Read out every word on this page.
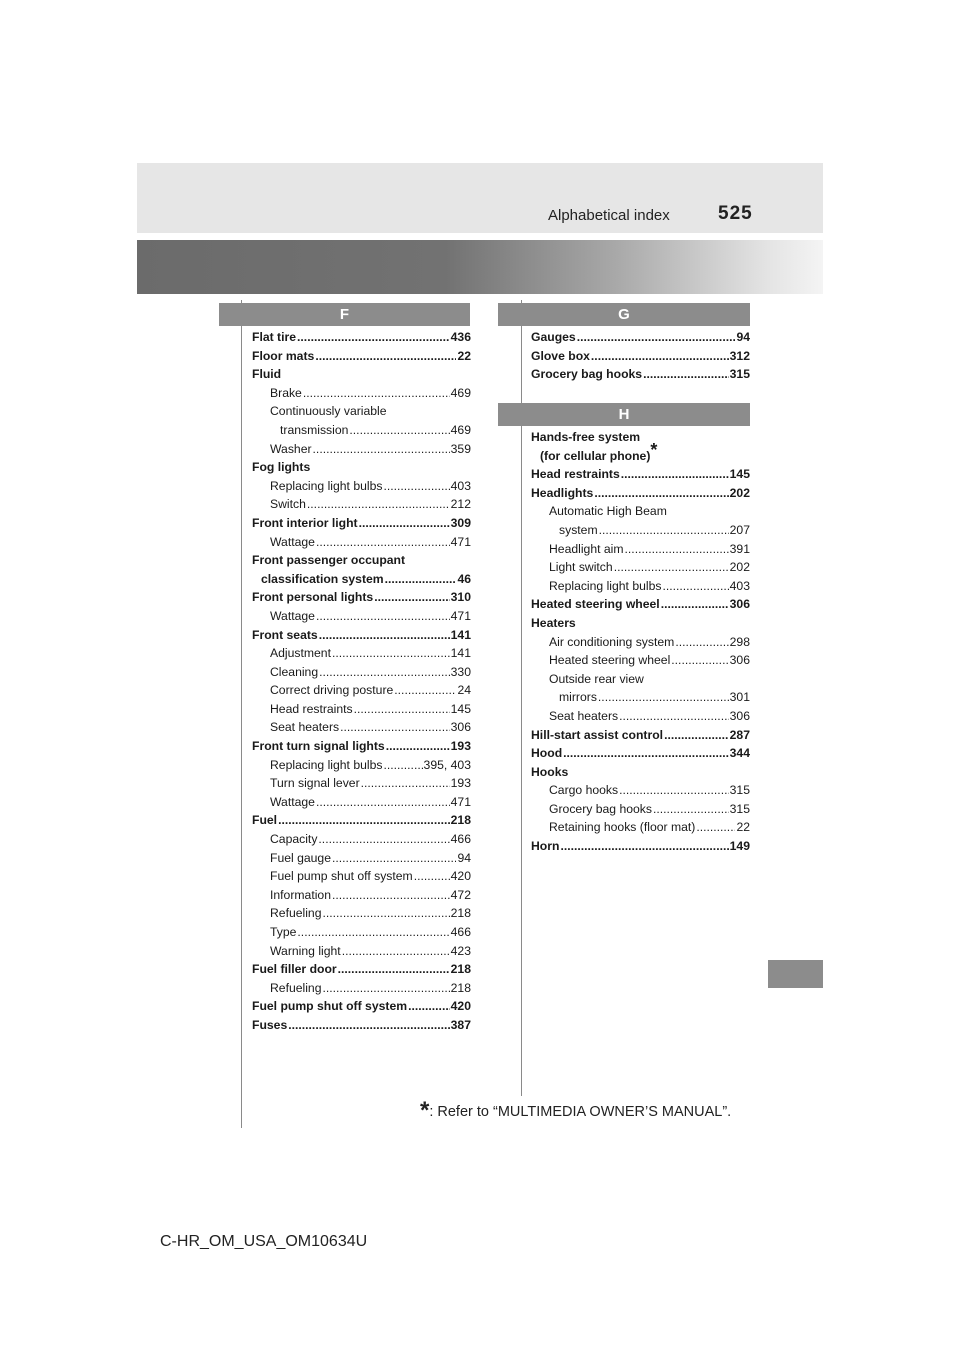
Alphabetical index	525
F
Flat tire .....	436
Floor mats .....	22
Fluid
Brake .....	469
Continuously variable
transmission .....	469
Washer .....	359
Fog lights
Replacing light bulbs .....	403
Switch .....	212
Front interior light .....	309
Wattage .....	471
Front passenger occupant
classification system .....	46
Front personal lights .....	310
Wattage .....	471
Front seats .....	141
Adjustment .....	141
Cleaning .....	330
Correct driving posture .....	24
Head restraints .....	145
Seat heaters .....	306
Front turn signal lights .....	193
Replacing light bulbs .....	395, 403
Turn signal lever .....	193
Wattage .....	471
Fuel .....	218
Capacity .....	466
Fuel gauge .....	94
Fuel pump shut off system .....	420
Information .....	472
Refueling .....	218
Type .....	466
Warning light .....	423
Fuel filler door .....	218
Refueling .....	218
Fuel pump shut off system .....	420
Fuses .....	387
G
Gauges .....	94
Glove box .....	312
Grocery bag hooks .....	315
H
Hands-free system
(for cellular phone)*
Head restraints .....	145
Headlights .....	202
Automatic High Beam
system .....	207
Headlight aim .....	391
Light switch .....	202
Replacing light bulbs .....	403
Heated steering wheel .....	306
Heaters
Air conditioning system .....	298
Heated steering wheel .....	306
Outside rear view
mirrors .....	301
Seat heaters .....	306
Hill-start assist control .....	287
Hood .....	344
Hooks
Cargo hooks .....	315
Grocery bag hooks .....	315
Retaining hooks (floor mat) .....	22
Horn .....	149
*: Refer to “MULTIMEDIA OWNER’S MANUAL”.
C-HR_OM_USA_OM10634U
